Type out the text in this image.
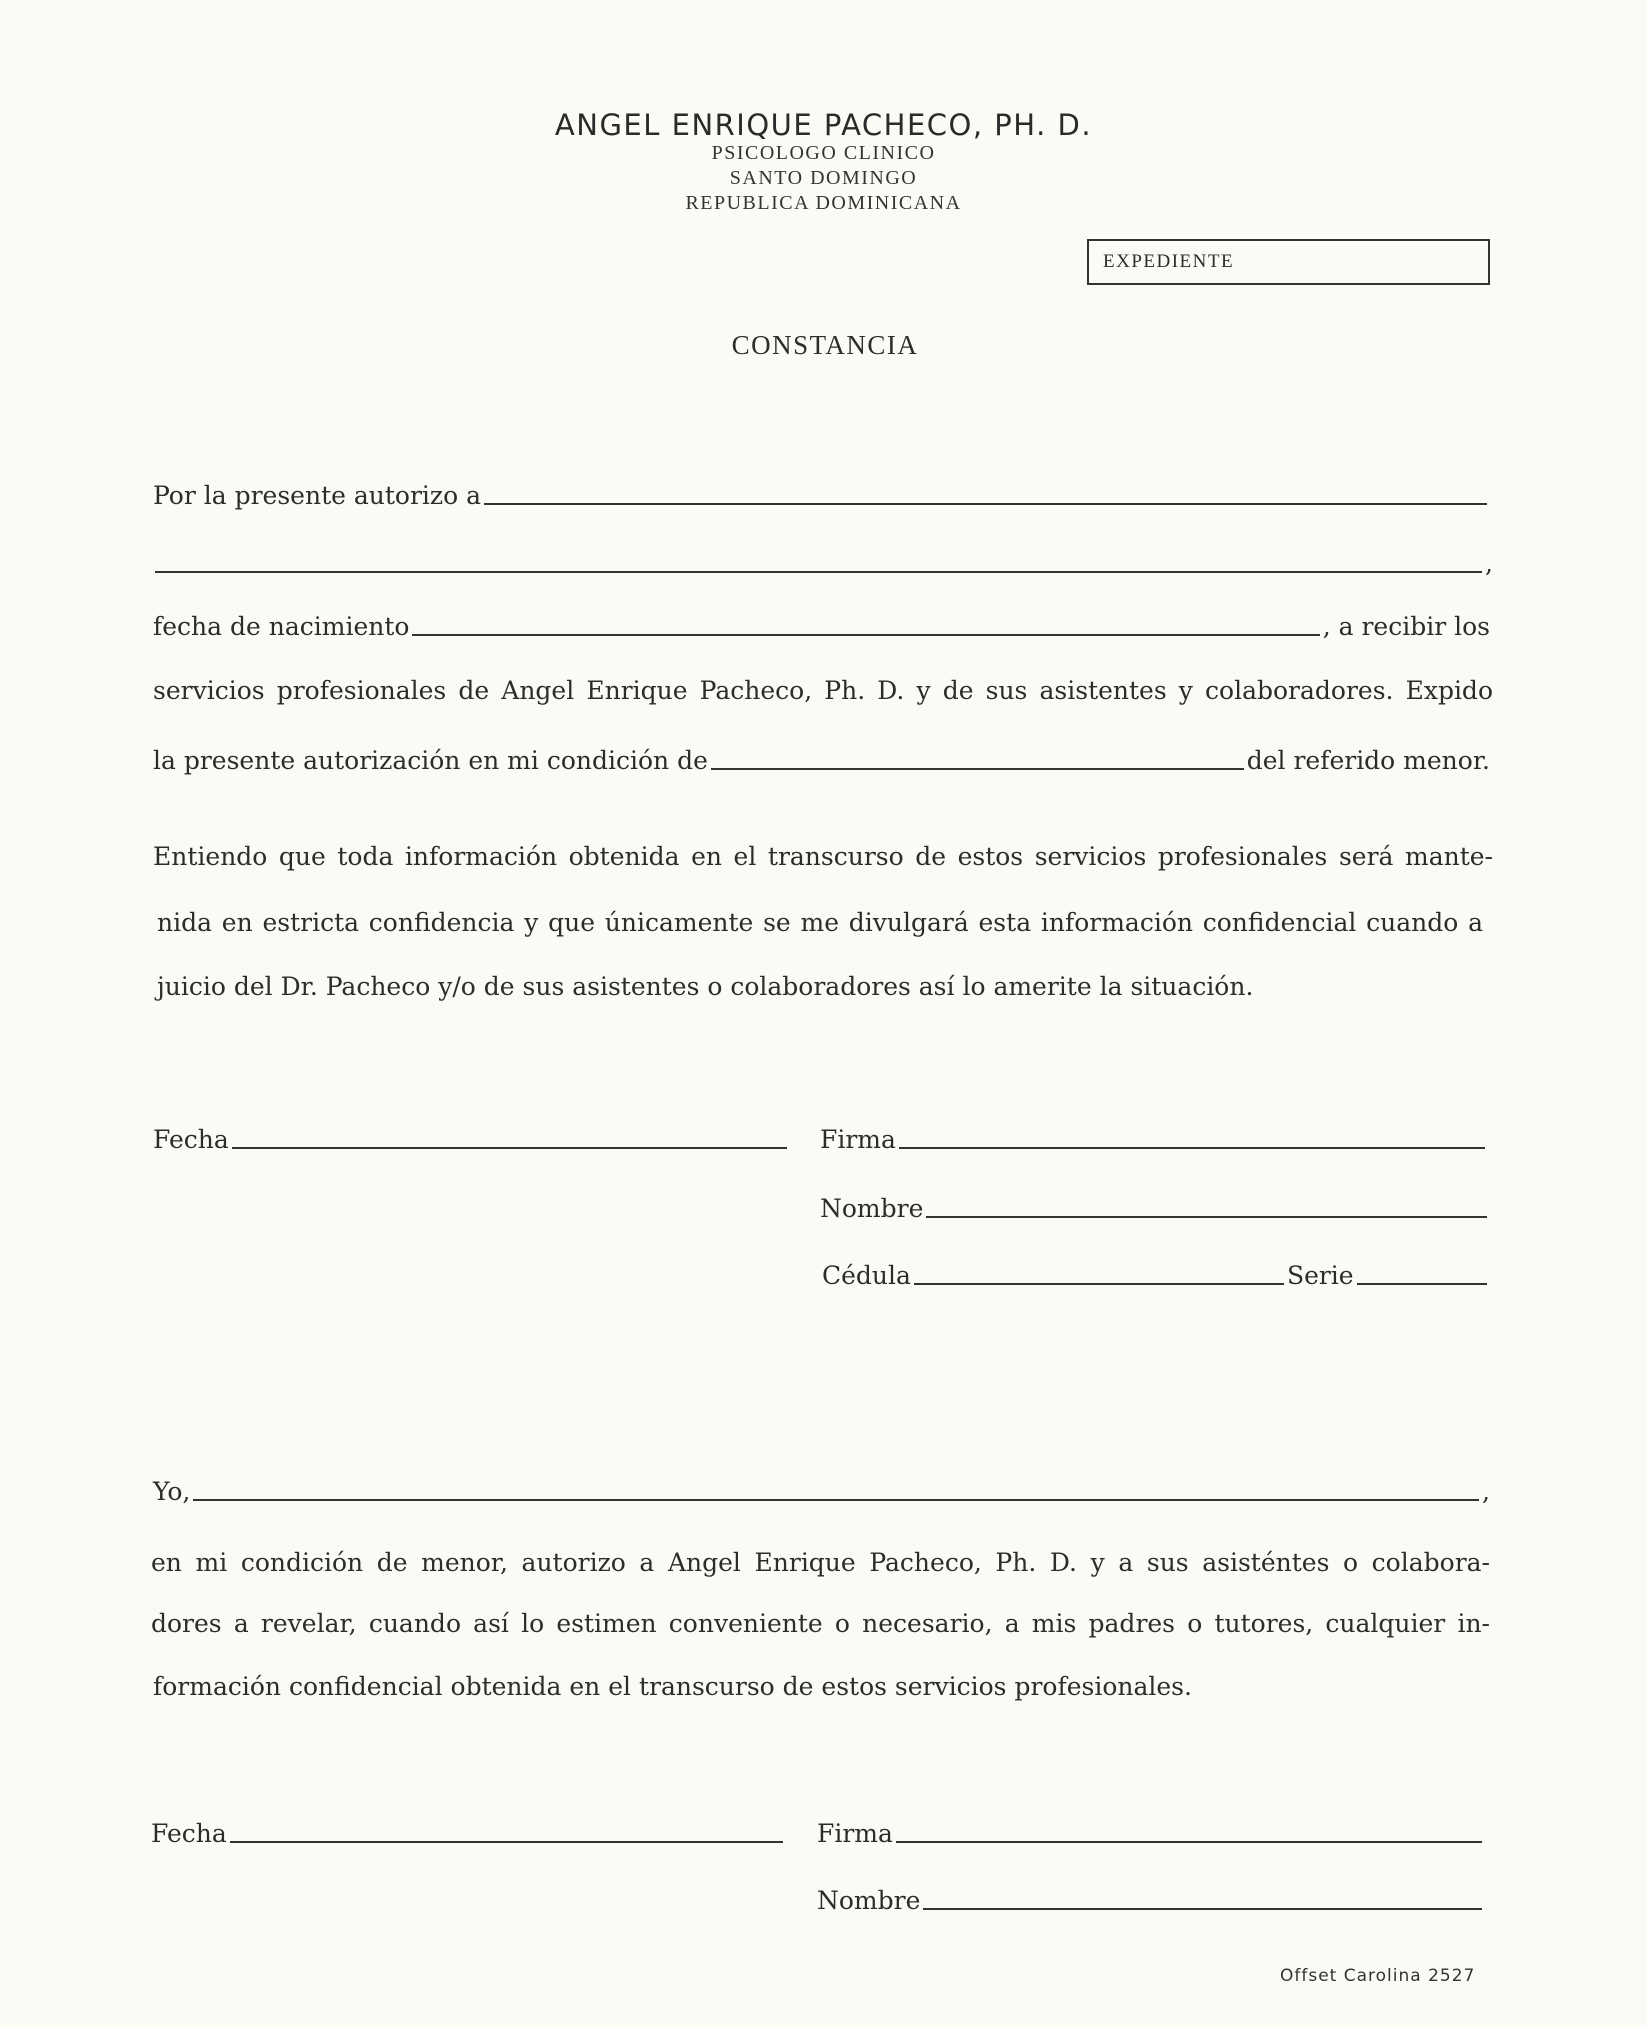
ANGEL ENRIQUE PACHECO, PH. D.
PSICOLOGO CLINICO
SANTO DOMINGO
REPUBLICA DOMINICANA
EXPEDIENTE
CONSTANCIA
Por la presente autorizo a
,
fecha de nacimiento	, a recibir los
servicios profesionales de Angel Enrique Pacheco, Ph. D. y de sus asistentes y colaboradores. Expido
la presente autorización en mi condición de	del referido menor.
Entiendo que toda información obtenida en el transcurso de estos servicios profesionales será mante-
nida en estricta confidencia y que únicamente se me divulgará esta información confidencial cuando a
juicio del Dr. Pacheco y/o de sus asistentes o colaboradores así lo amerite la situación.
Fecha	Firma
Nombre
Cédula	Serie
Yo,	,
en mi condición de menor, autorizo a Angel Enrique Pacheco, Ph. D. y a sus asisténtes o colabora-
dores a revelar, cuando así lo estimen conveniente o necesario, a mis padres o tutores, cualquier in-
formación confidencial obtenida en el transcurso de estos servicios profesionales.
Fecha	Firma
Nombre
Offset Carolina 2527
